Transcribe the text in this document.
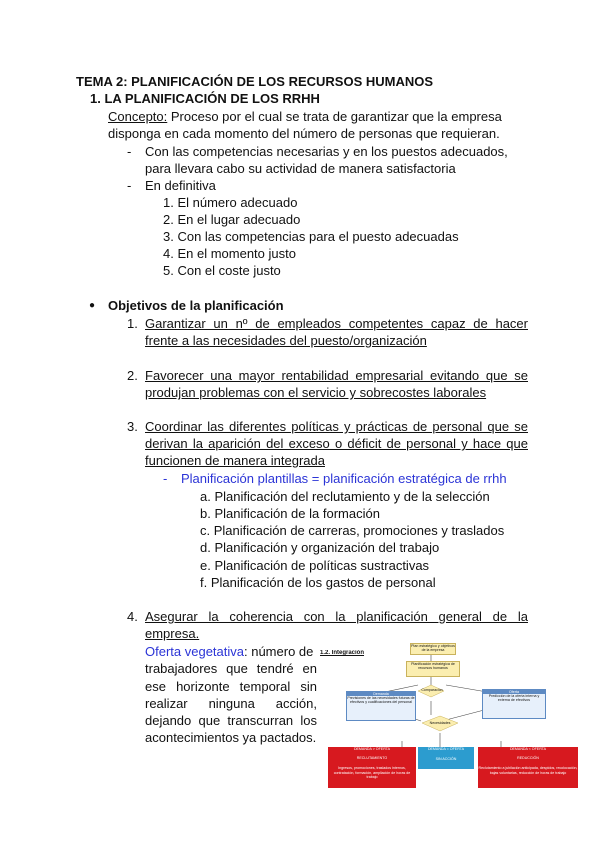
TEMA 2: PLANIFICACIÓN DE LOS RECURSOS HUMANOS
1. LA PLANIFICACIÓN DE LOS RRHH
Concepto: Proceso por el cual se trata de garantizar que la empresa
disponga en cada momento del número de personas que requieran.
- Con las competencias necesarias y en los puestos adecuados,
para llevara cabo su actividad de manera satisfactoria
- En definitiva
1. El número adecuado
2. En el lugar adecuado
3. Con las competencias para el puesto adecuadas
4. En el momento justo
5. Con el coste justo
● Objetivos de la planificación
1. Garantizar un nº de empleados competentes capaz de hacer
frente a las necesidades del puesto/organización
2. Favorecer una mayor rentabilidad empresarial evitando que se
produjan problemas con el servicio y sobrecostes laborales
3. Coordinar las diferentes políticas y prácticas de personal que se
derivan la aparición del exceso o déficit de personal y hace que
funcionen de manera integrada
- Planificación plantillas = planificación estratégica de rrhh
a. Planificación del reclutamiento y de la selección
b. Planificación de la formación
c. Planificación de carreras, promociones y traslados
d. Planificación y organización del trabajo
e. Planificación de políticas sustractivas
f. Planificación de los gastos de personal
4. Asegurar la coherencia con la planificación general de la
empresa.
Oferta vegetativa: número de
trabajadores que tendré en
ese horizonte temporal sin
realizar ninguna acción,
dejando que transcurran los
acontecimientos ya pactados.
1.2. Integración
Plan estratégico y objetivos de la empresa
Planificación estratégica de recursos humanos
Comparación
Necesidades
Demanda
Previsiones de las necesidades futuras de efectivos y cualificaciones del personal
Oferta
Predicción de la oferta interna y externa de efectivos
DEMANDA > OFERTA
RECLUTAMIENTO
Ingresos, promociones, traslados internos, contratación, formación, ampliación de horas de trabajo
DEMANDA = OFERTA
SIN ACCIÓN
DEMANDA < OFERTA
REDUCCIÓN
Reclutamiento a jubilación anticipada, despidos, recolocación, bajas voluntarias, reducción de horas de trabajo
